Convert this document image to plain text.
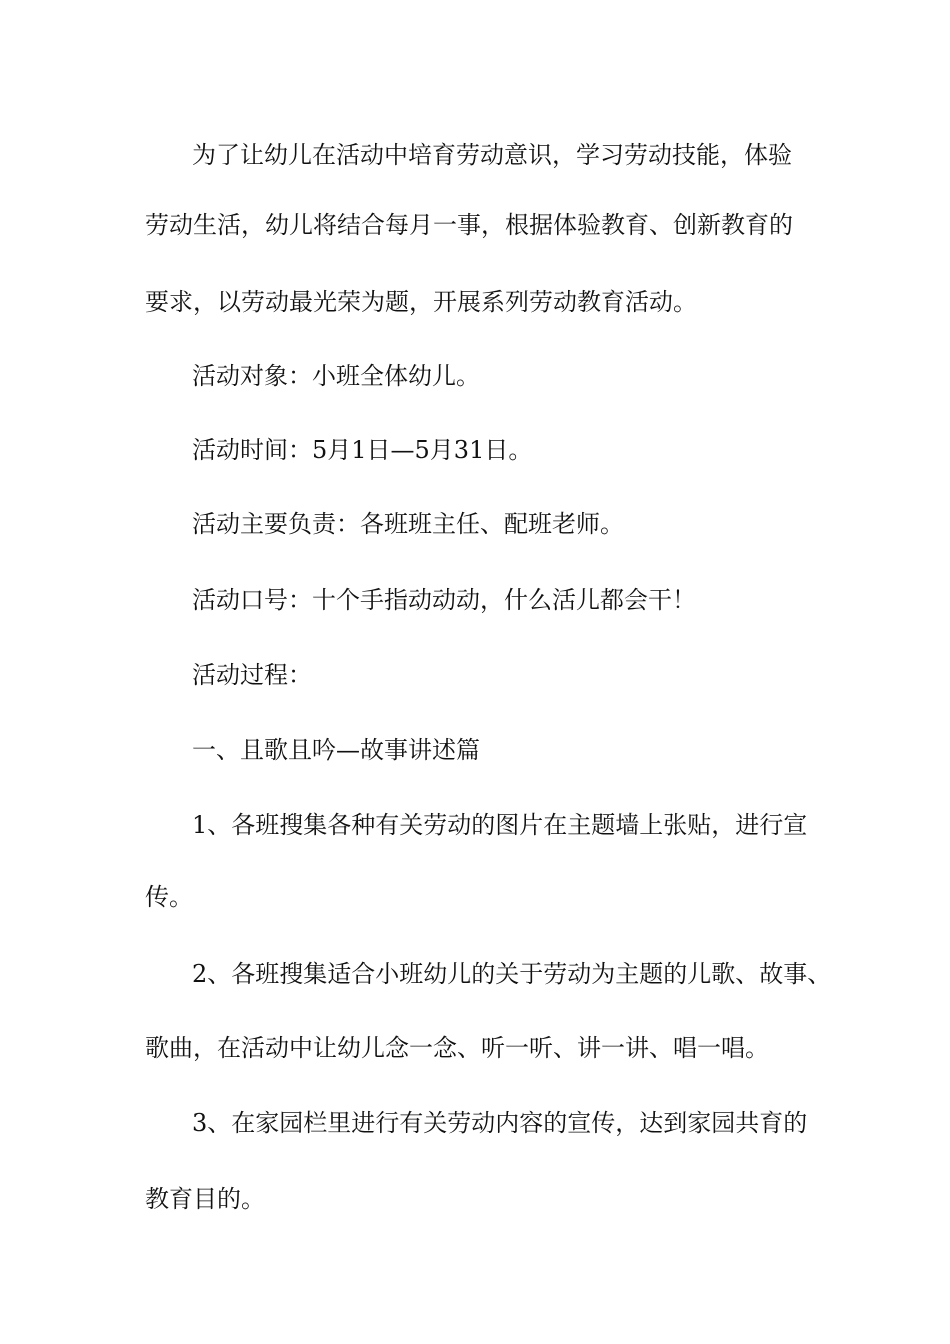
为了让幼儿在活动中培育劳动意识，学习劳动技能，体验
劳动生活，幼儿将结合每月一事，根据体验教育、创新教育的
要求，以劳动最光荣为题，开展系列劳动教育活动。
活动对象：小班全体幼儿。
活动时间：5月1日—5月31日。
活动主要负责：各班班主任、配班老师。
活动口号：十个手指动动动，什么活儿都会干！
活动过程：
一、且歌且吟—故事讲述篇
1、各班搜集各种有关劳动的图片在主题墙上张贴，进行宣
传。
2、各班搜集适合小班幼儿的关于劳动为主题的儿歌、故事、
歌曲，在活动中让幼儿念一念、听一听、讲一讲、唱一唱。
3、在家园栏里进行有关劳动内容的宣传，达到家园共育的
教育目的。
